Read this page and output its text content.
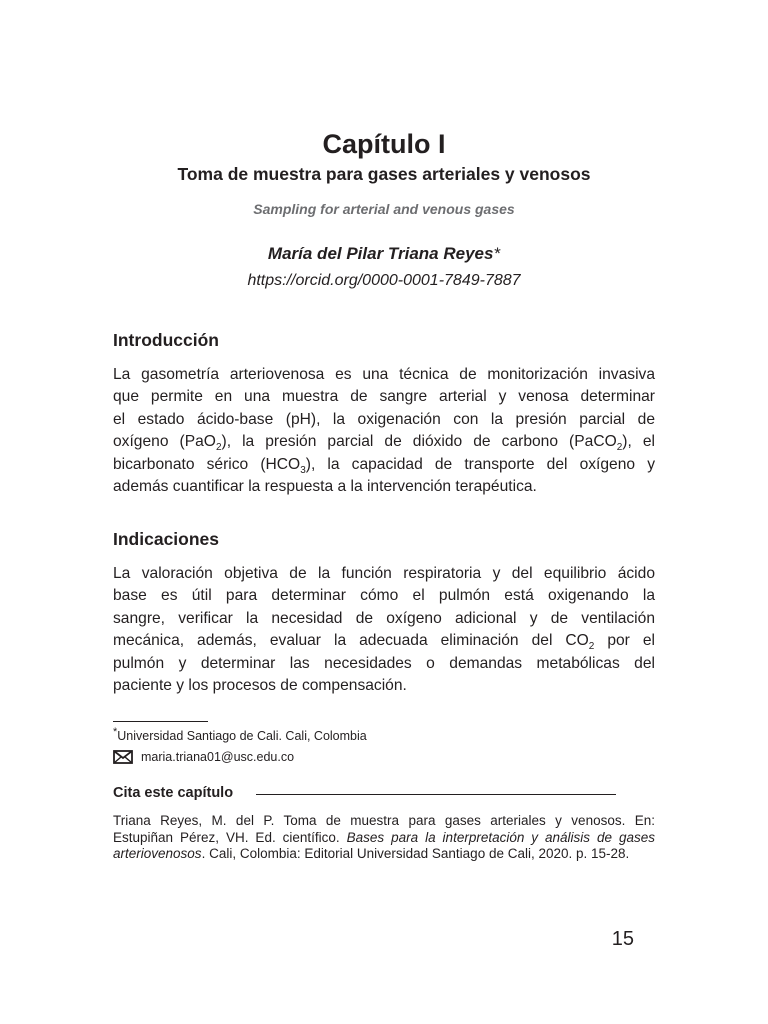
Capítulo I
Toma de muestra para gases arteriales y venosos
Sampling for arterial and venous gases
María del Pilar Triana Reyes*
https://orcid.org/0000-0001-7849-7887
Introducción
La gasometría arteriovenosa es una técnica de monitorización invasiva
que permite en una muestra de sangre arterial y venosa determinar
el estado ácido-base (pH), la oxigenación con la presión parcial de
oxígeno (PaO$_2$), la presión parcial de dióxido de carbono (PaCO$_2$), el
bicarbonato sérico $(HCO_3)$, la capacidad de transporte del oxígeno y
además cuantificar la respuesta a la intervención terapéutica.
Indicaciones
La valoración objetiva de la función respiratoria y del equilibrio ácido
base es útil para determinar cómo el pulmón está oxigenando la
sangre, verificar la necesidad de oxígeno adicional y de ventilación
mecánica, además, evaluar la adecuada eliminación del $CO_2$ por el
pulmón y determinar las necesidades o demandas metabólicas del
paciente y los procesos de compensación.
*Universidad Santiago de Cali. Cali, Colombia
maria.triana01@usc.edu.co
Cita este capítulo
Triana Reyes, M. del P. Toma de muestra para gases arteriales y venosos. En:
Estupiñan Pérez, VH. Ed. científico. Bases para la interpretación y análisis de gases
arteriovenosos. Cali, Colombia: Editorial Universidad Santiago de Cali, 2020. p. 15-28.
15
